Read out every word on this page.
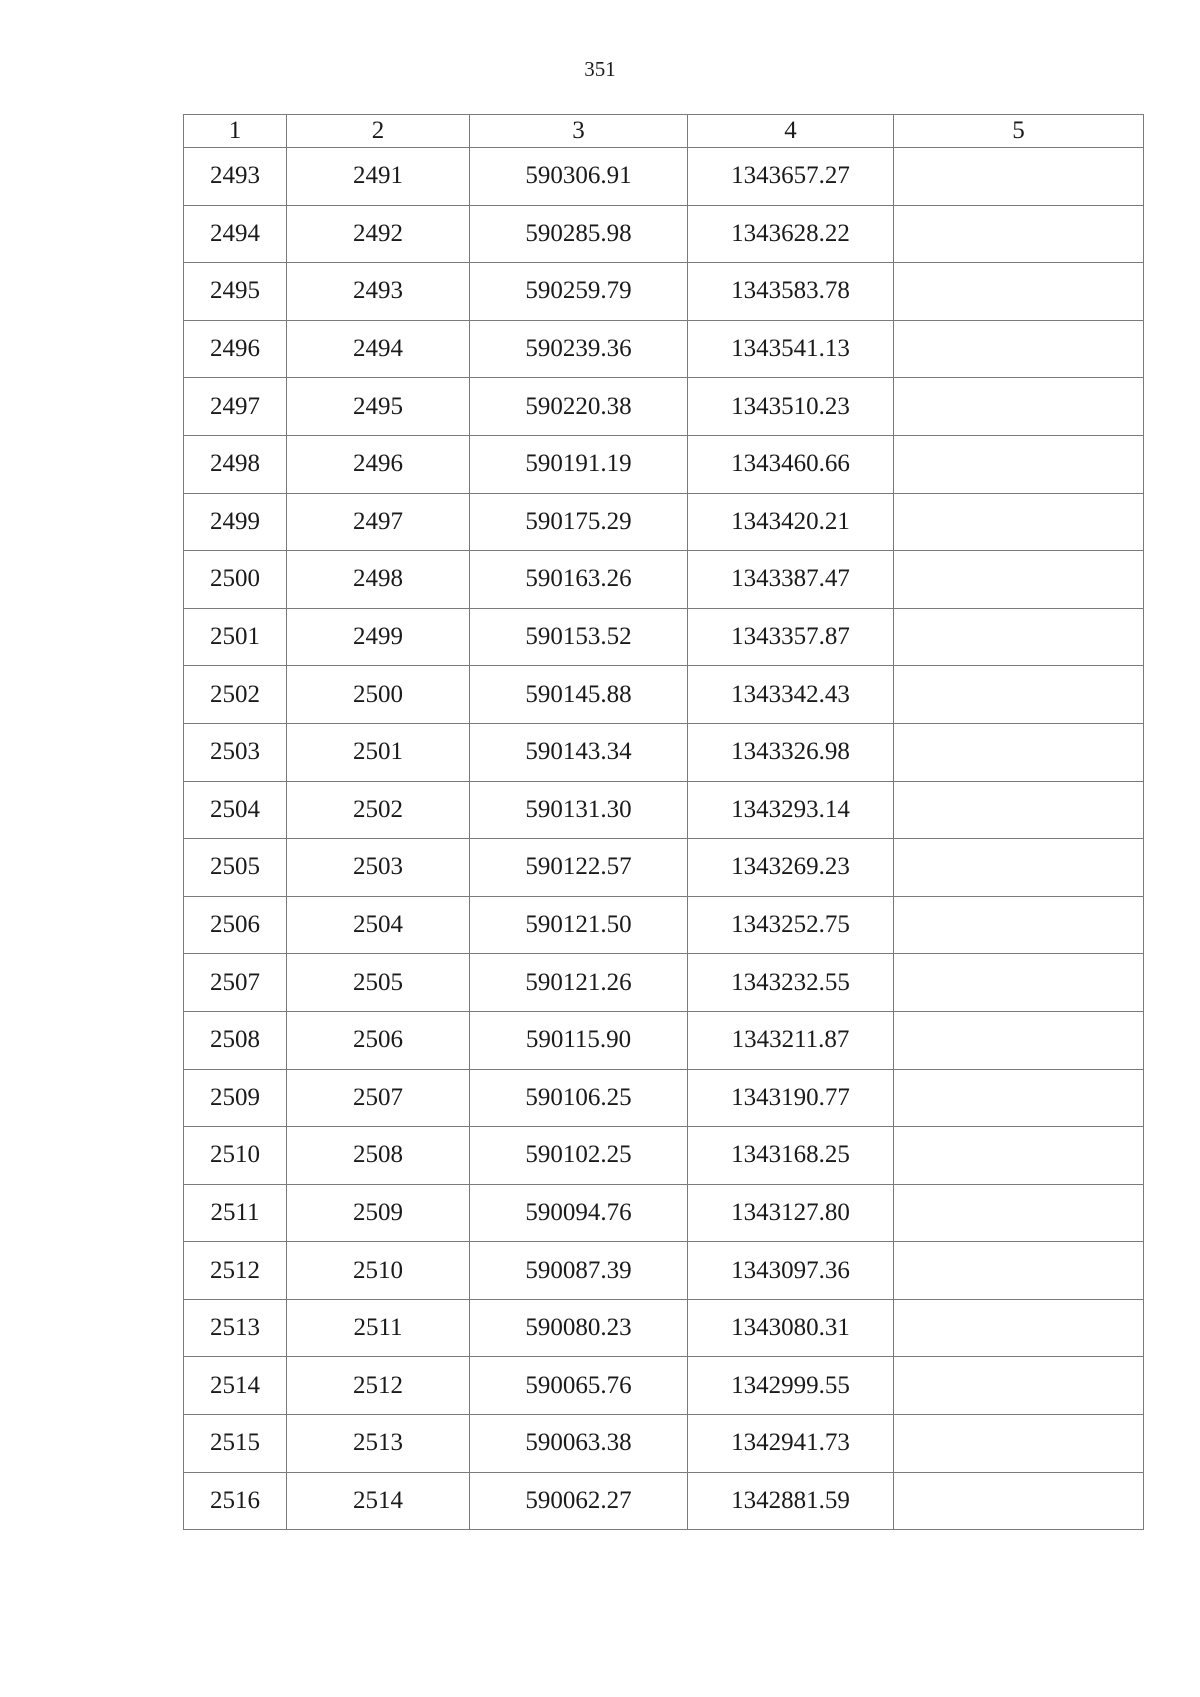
351
1	2	3	4	5
2493	2491	590306.91	1343657.27	
2494	2492	590285.98	1343628.22	
2495	2493	590259.79	1343583.78	
2496	2494	590239.36	1343541.13	
2497	2495	590220.38	1343510.23	
2498	2496	590191.19	1343460.66	
2499	2497	590175.29	1343420.21	
2500	2498	590163.26	1343387.47	
2501	2499	590153.52	1343357.87	
2502	2500	590145.88	1343342.43	
2503	2501	590143.34	1343326.98	
2504	2502	590131.30	1343293.14	
2505	2503	590122.57	1343269.23	
2506	2504	590121.50	1343252.75	
2507	2505	590121.26	1343232.55	
2508	2506	590115.90	1343211.87	
2509	2507	590106.25	1343190.77	
2510	2508	590102.25	1343168.25	
2511	2509	590094.76	1343127.80	
2512	2510	590087.39	1343097.36	
2513	2511	590080.23	1343080.31	
2514	2512	590065.76	1342999.55	
2515	2513	590063.38	1342941.73	
2516	2514	590062.27	1342881.59	
